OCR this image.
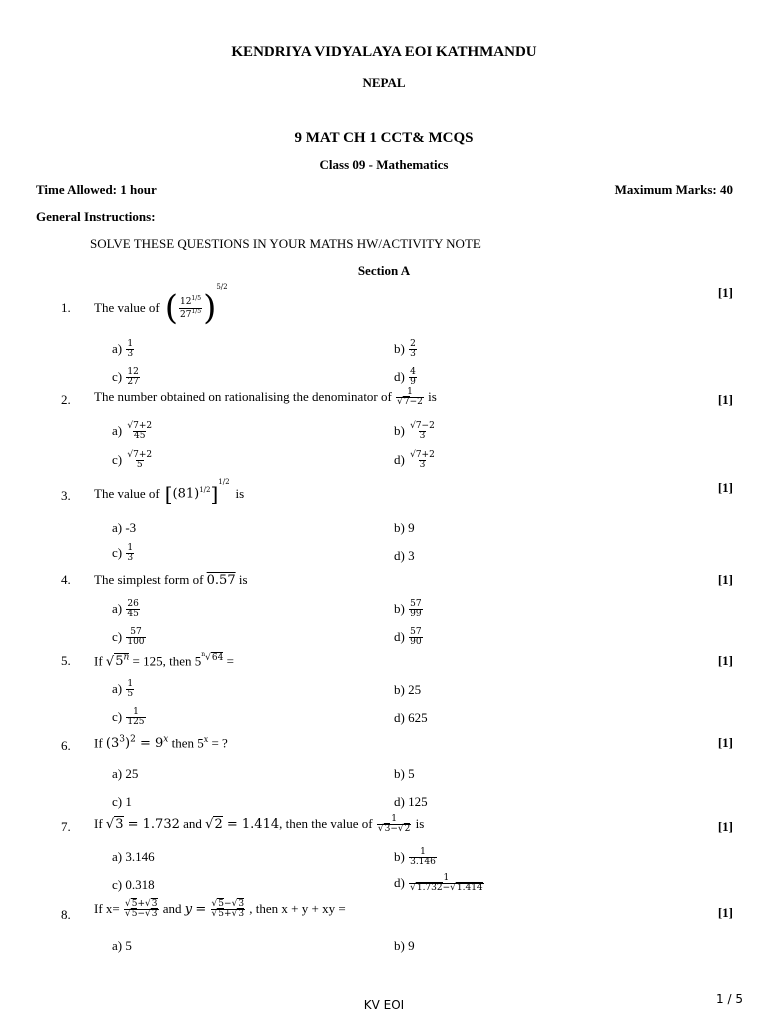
KENDRIYA VIDYALAYA EOI KATHMANDU
NEPAL
9 MAT CH 1 CCT& MCQS
Class 09 - Mathematics
Time Allowed: 1 hour	Maximum Marks: 40
General Instructions:
SOLVE THESE QUESTIONS IN YOUR MATHS HW/ACTIVITY NOTE
Section A
1. The value of ( $\frac{12^{1/5}}{27^{1/5}}$ )
5/2	[1]
$a) \frac{1}{3}$	$b) \frac{2}{3}$
$c) \frac{12}{27}$	$d) \frac{4}{9}$
2. The number obtained on rationalising the denominator of $\frac{1}{√7-2}$ is	[1]
$a) \frac{√7+2}{45}$	$b) \frac{√7-2}{3}$
$c) \frac{√7+2}{5}$	$d) \frac{√7+2}{3}$
3. The value of [ $(81)^{1/2}$ ] 1/2
is	[1]
a) -3	b) 9
$c) \frac{1}{3}$	d) 3
4. The simplest form of 0.57 is	[1]
$a) \frac{26}{45}$	$b) \frac{57}{99}$
$c) \frac{57}{100}$	$d) \frac{57}{90}$
5. If $√5^n = 125$, then $5^{^n√64}$ =	[1]
$a) \frac{1}{5}$	b) 25
$c) \frac{1}{125}$	d) 625
6. If $(3^3)^2 = 9^x$ then $5^x$ = ?	[1]
a) 25	b) 5
c) 1	d) 125
7. If √3 = 1.732 and √2 = 1.414, then the value of $\frac{1}{√3-√2}$ is	[1]
a) 3.146	$b) \frac{1}{3.146}$
c) 0.318	$d) \frac{1}{√1.732-√1.414}$
8. If $x= \frac{√5+√3}{√5-√3}$ and $y = \frac{√5-√3}{√5+√3}$ , then x + y + xy =	[1]
a) 5	b) 9
KV EOI	1 / 5
